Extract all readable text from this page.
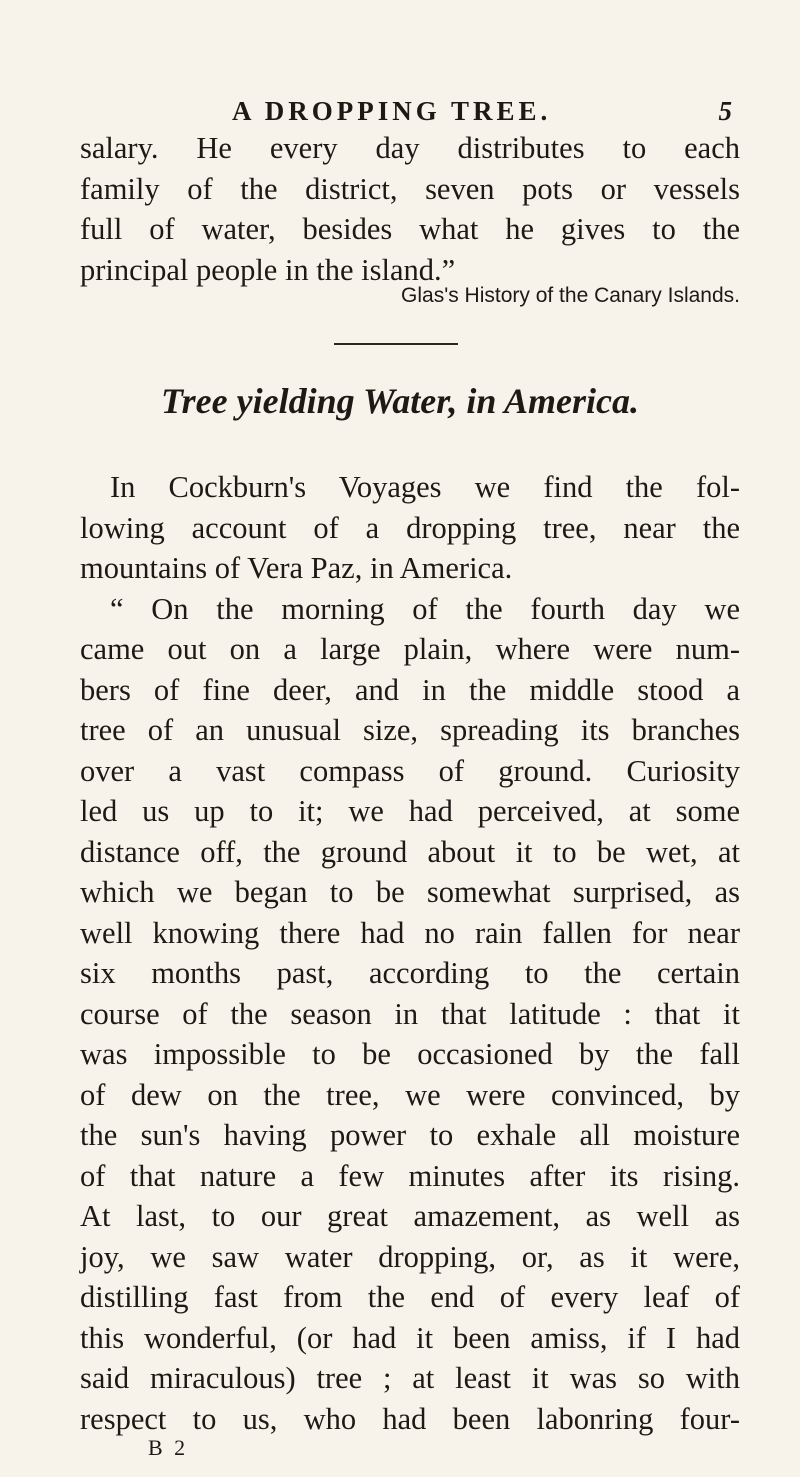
A DROPPING TREE.	5
salary. He every day distributes to each
family of the district, seven pots or vessels
full of water, besides what he gives to the
principal people in the island.”
Glas's History of the Canary Islands.
Tree yielding Water, in America.
In Cockburn's Voyages we find the fol-
lowing account of a dropping tree, near the
mountains of Vera Paz, in America.
“ On the morning of the fourth day we
came out on a large plain, where were num-
bers of fine deer, and in the middle stood a
tree of an unusual size, spreading its branches
over a vast compass of ground. Curiosity
led us up to it; we had perceived, at some
distance off, the ground about it to be wet, at
which we began to be somewhat surprised, as
well knowing there had no rain fallen for near
six months past, according to the certain
course of the season in that latitude : that it
was impossible to be occasioned by the fall
of dew on the tree, we were convinced, by
the sun's having power to exhale all moisture
of that nature a few minutes after its rising.
At last, to our great amazement, as well as
joy, we saw water dropping, or, as it were,
distilling fast from the end of every leaf of
this wonderful, (or had it been amiss, if I had
said miraculous) tree ; at least it was so with
respect to us, who had been labonring four-
B 2
